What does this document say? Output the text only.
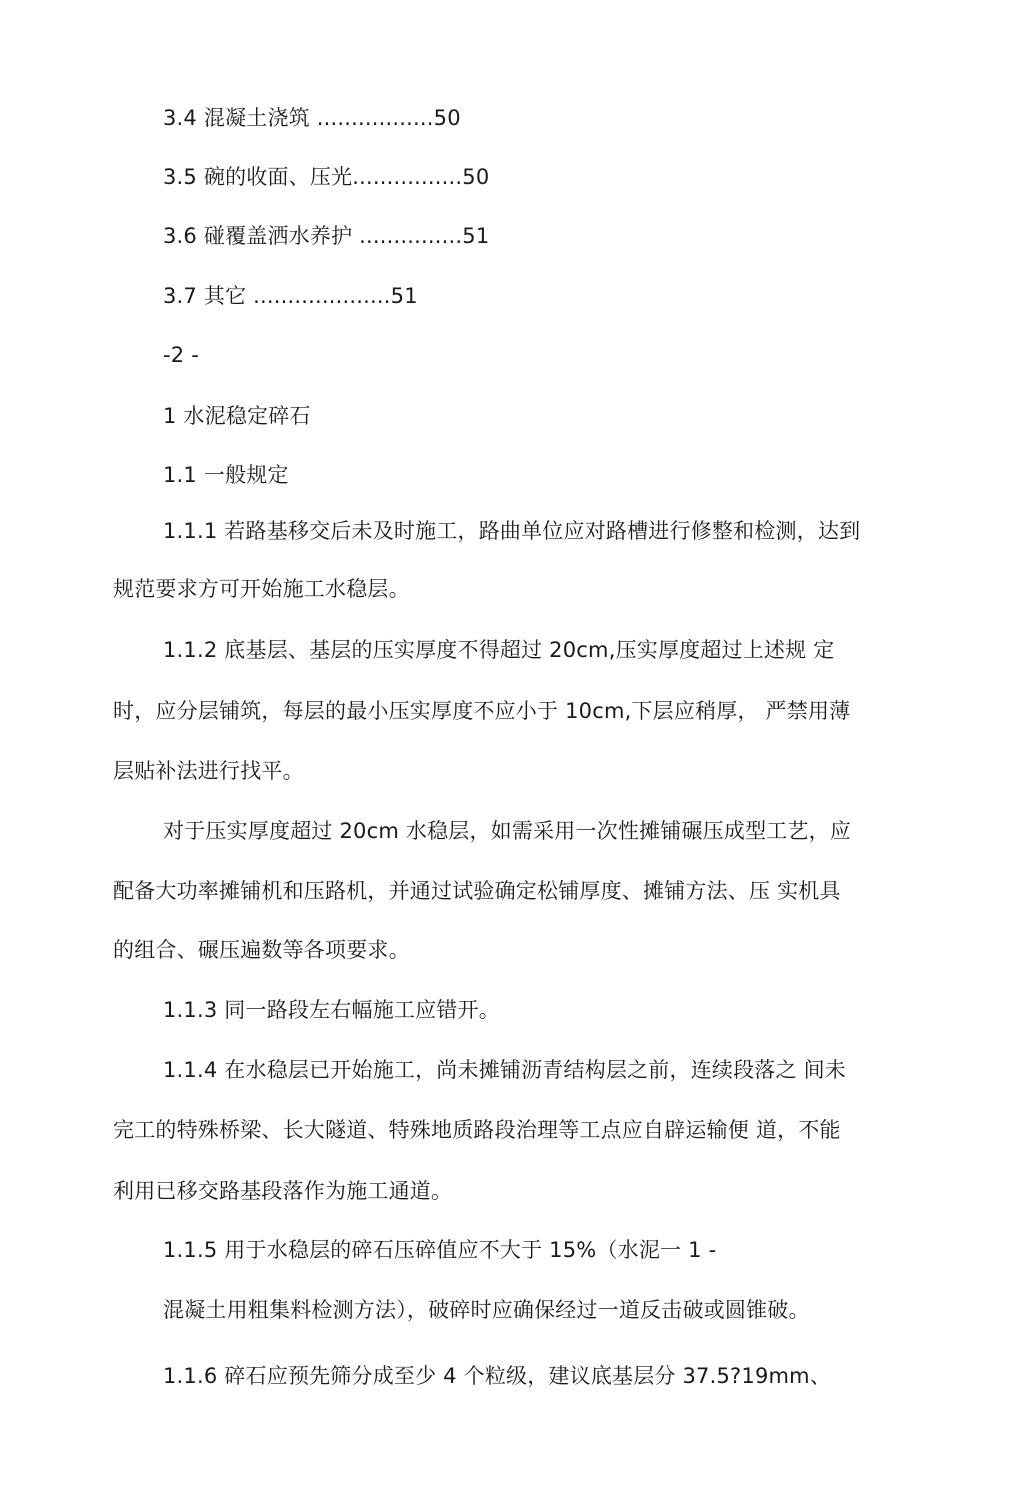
3.4 混凝土浇筑 .................50
3.5 碗的收面、压光................50
3.6 碰覆盖洒水养护 ...............51
3.7 其它 ....................51
-2 -
1 水泥稳定碎石
1.1 一般规定
1.1.1 若路基移交后未及时施工，路曲单位应对路槽进行修整和检测，达到
规范要求方可开始施工水稳层。
1.1.2 底基层、基层的压实厚度不得超过 20cm,压实厚度超过上述规 定
时，应分层铺筑，每层的最小压实厚度不应小于 10cm,下层应稍厚， 严禁用薄
层贴补法进行找平。
对于压实厚度超过 20cm 水稳层，如需采用一次性摊铺碾压成型工艺，应
配备大功率摊铺机和压路机，并通过试验确定松铺厚度、摊铺方法、压 实机具
的组合、碾压遍数等各项要求。
1.1.3 同一路段左右幅施工应错开。
1.1.4 在水稳层已开始施工，尚未摊铺沥青结构层之前，连续段落之 间未
完工的特殊桥梁、长大隧道、特殊地质路段治理等工点应自辟运输便 道，不能
利用已移交路基段落作为施工通道。
1.1.5 用于水稳层的碎石压碎值应不大于 15%（水泥一 1 -
混凝土用粗集料检测方法），破碎时应确保经过一道反击破或圆锥破。
1.1.6 碎石应预先筛分成至少 4 个粒级，建议底基层分 37.5?19mm、
